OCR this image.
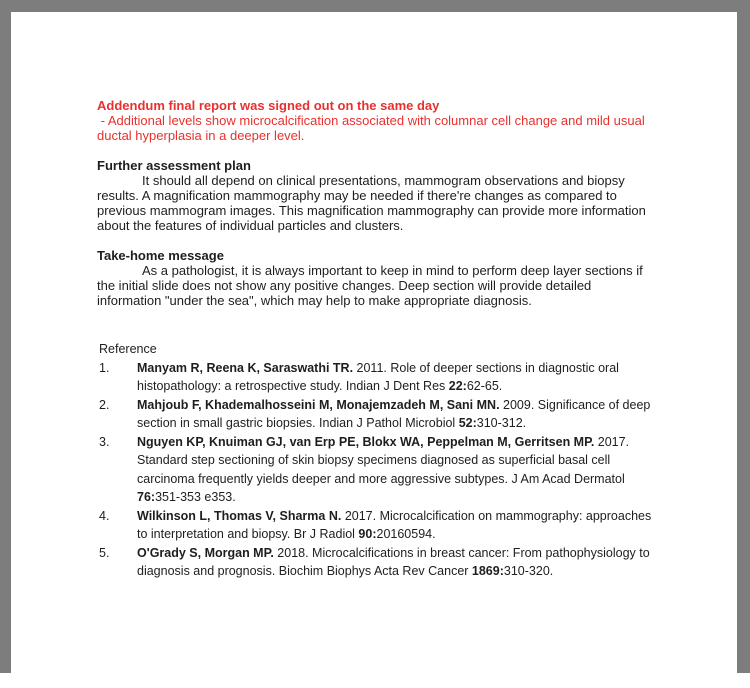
Addendum final report was signed out on the same day

- Additional levels show microcalcification associated with columnar cell change and mild usual ductal hyperplasia in a deeper level.

Further assessment plan

It should all depend on clinical presentations, mammogram observations and biopsy results. A magnification mammography may be needed if there're changes as compared to previous mammogram images. This magnification mammography can provide more information about the features of individual particles and clusters.

Take-home message

As a pathologist, it is always important to keep in mind to perform deep layer sections if the initial slide does not show any positive changes. Deep section will provide detailed information "under the sea", which may help to make appropriate diagnosis.

Reference

1.	Manyam R, Reena K, Saraswathi TR. 2011. Role of deeper sections in diagnostic oral histopathology: a retrospective study. Indian J Dent Res 22:62-65.
2.	Mahjoub F, Khademalhosseini M, Monajemzadeh M, Sani MN. 2009. Significance of deep section in small gastric biopsies. Indian J Pathol Microbiol 52:310-312.
3.	Nguyen KP, Knuiman GJ, van Erp PE, Blokx WA, Peppelman M, Gerritsen MP. 2017. Standard step sectioning of skin biopsy specimens diagnosed as superficial basal cell carcinoma frequently yields deeper and more aggressive subtypes. J Am Acad Dermatol 76:351-353 e353.
4.	Wilkinson L, Thomas V, Sharma N. 2017. Microcalcification on mammography: approaches to interpretation and biopsy. Br J Radiol 90:20160594.
5.	O'Grady S, Morgan MP. 2018. Microcalcifications in breast cancer: From pathophysiology to diagnosis and prognosis. Biochim Biophys Acta Rev Cancer 1869:310-320.
